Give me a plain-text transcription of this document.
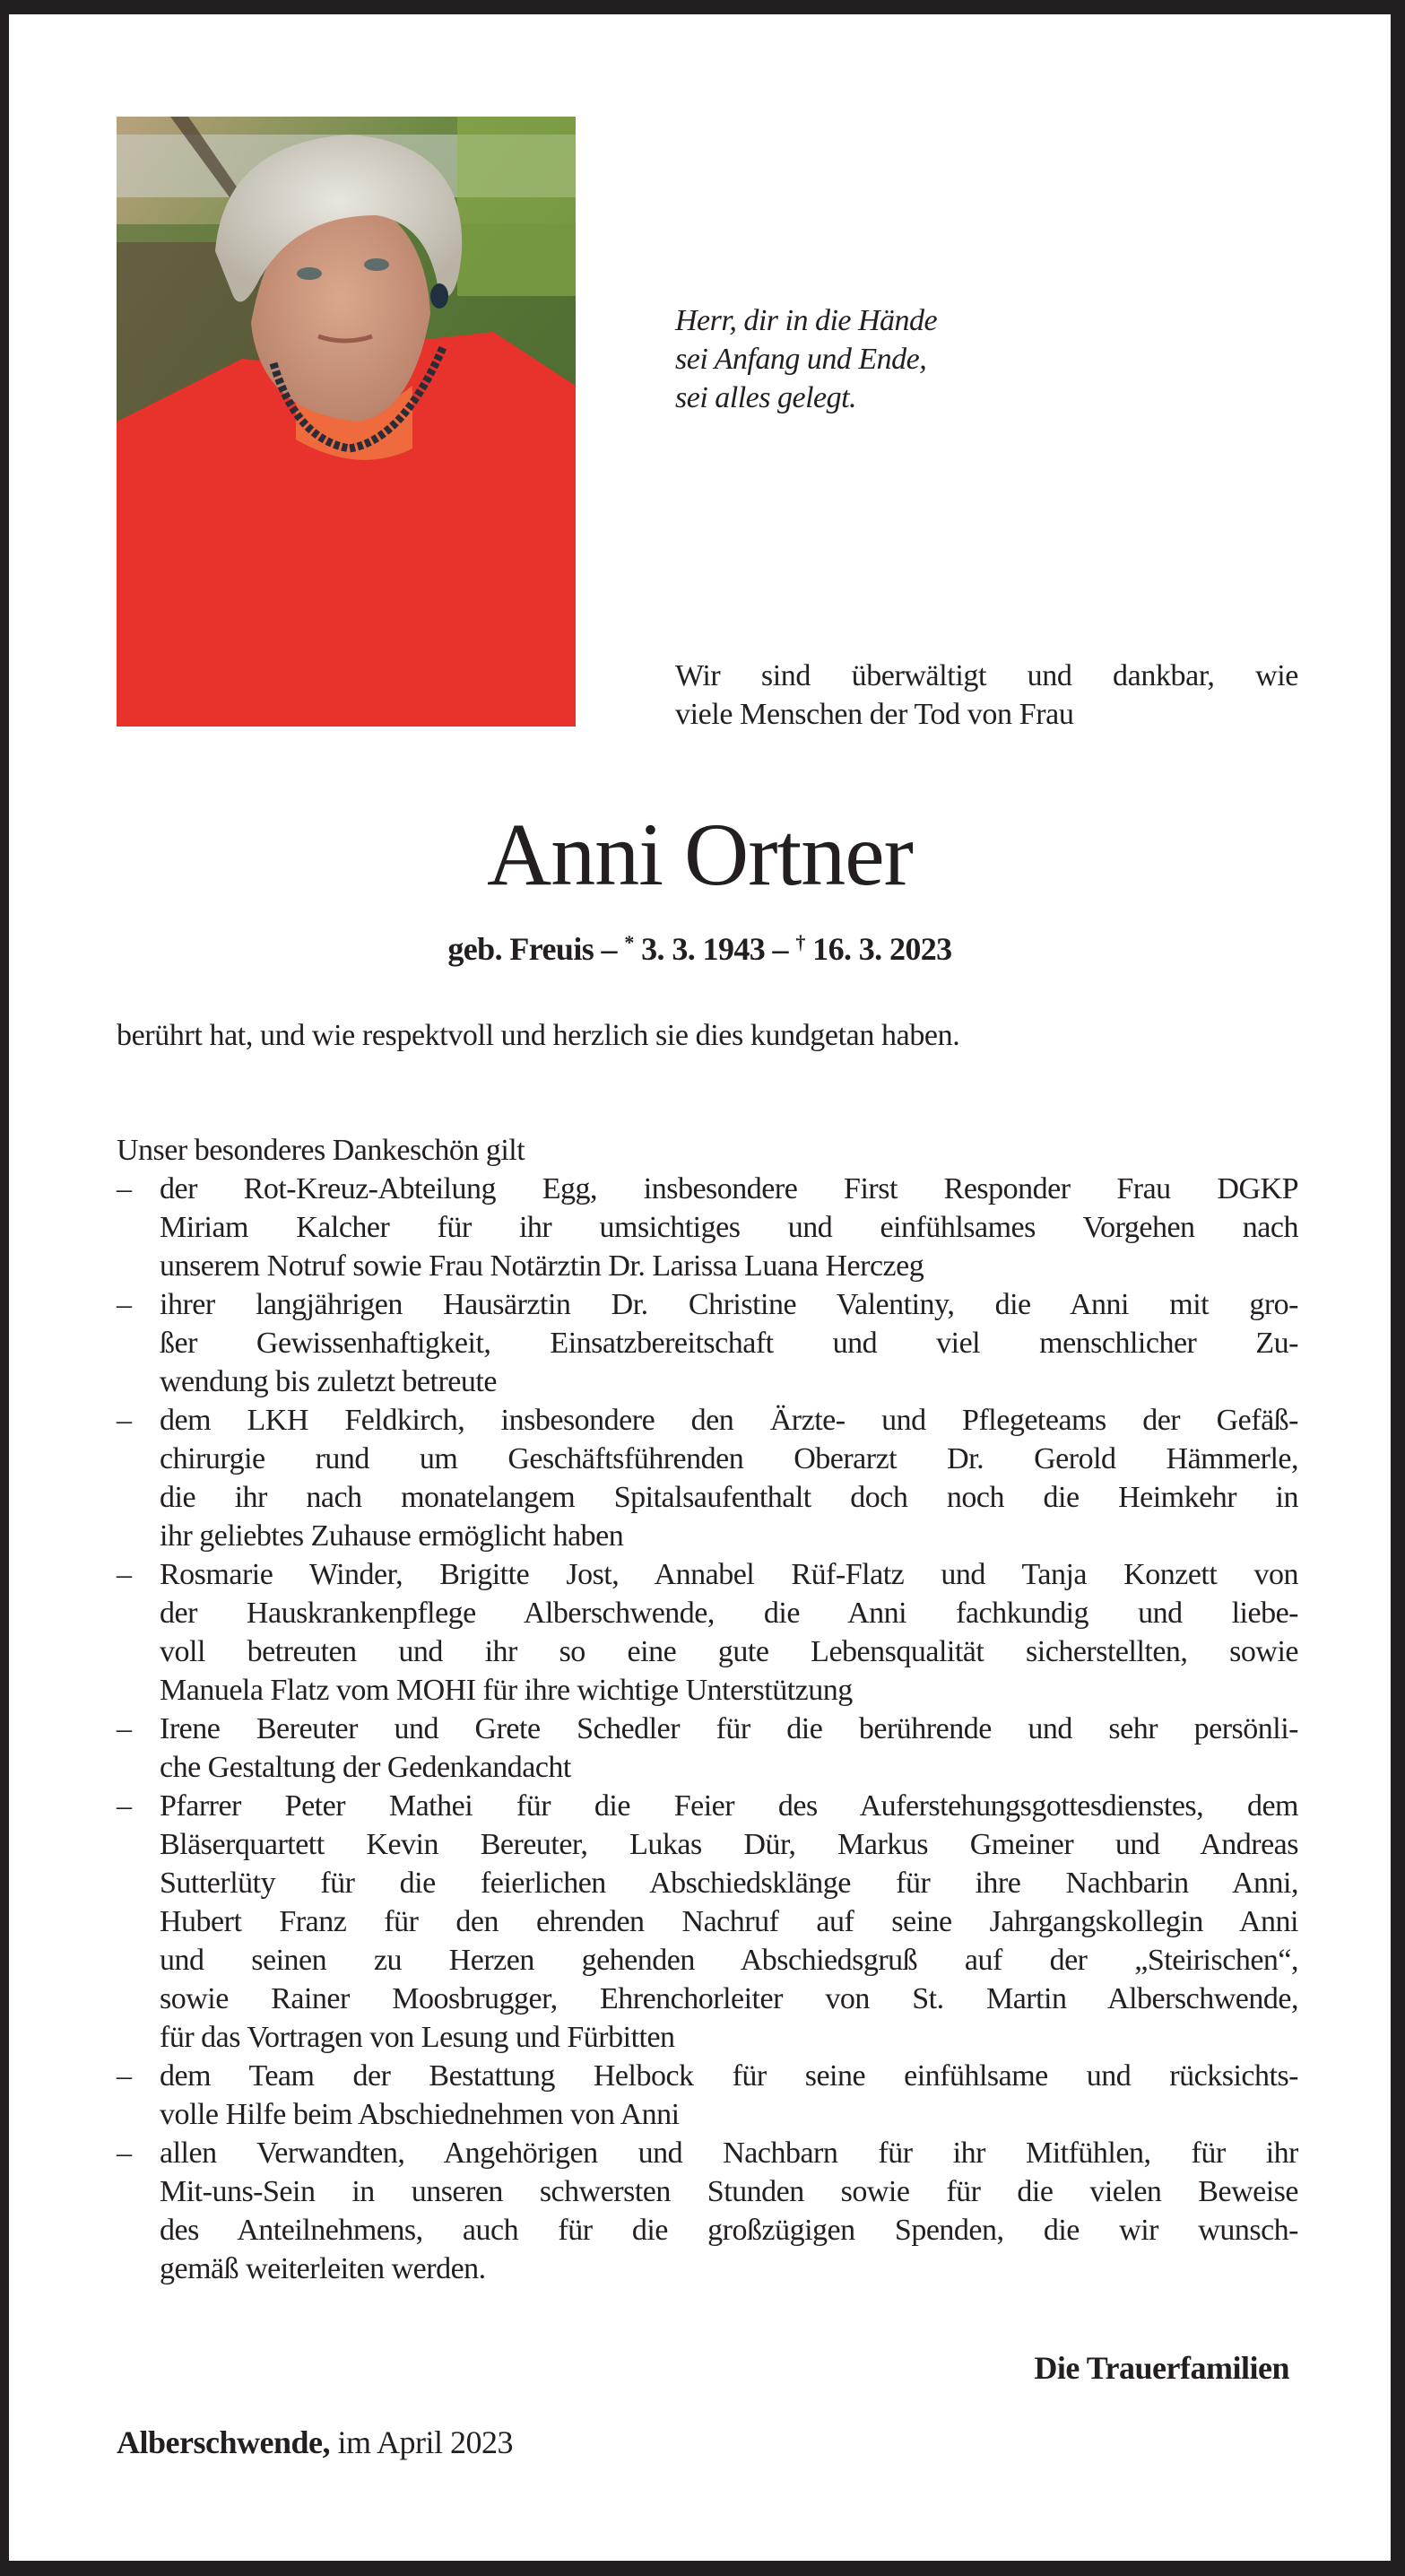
Herr, dir in die Hände
sei Anfang und Ende,
sei alles gelegt.
Wir sind überwältigt und dankbar, wie
viele Menschen der Tod von Frau
Anni Ortner
geb. Freuis – * 3. 3. 1943 – † 16. 3. 2023
berührt hat, und wie respektvoll und herzlich sie dies kundgetan haben.
Unser besonderes Dankeschön gilt
– der Rot-Kreuz-Abteilung Egg, insbesondere First Responder Frau DGKP
Miriam Kalcher für ihr umsichtiges und einfühlsames Vorgehen nach
unserem Notruf sowie Frau Notärztin Dr. Larissa Luana Herczeg
– ihrer langjährigen Hausärztin Dr. Christine Valentiny, die Anni mit gro-
ßer Gewissenhaftigkeit, Einsatzbereitschaft und viel menschlicher Zu-
wendung bis zuletzt betreute
– dem LKH Feldkirch, insbesondere den Ärzte- und Pflegeteams der Gefäß-
chirurgie rund um Geschäftsführenden Oberarzt Dr. Gerold Hämmerle,
die ihr nach monatelangem Spitalsaufenthalt doch noch die Heimkehr in
ihr geliebtes Zuhause ermöglicht haben
– Rosmarie Winder, Brigitte Jost, Annabel Rüf-Flatz und Tanja Konzett von
der Hauskrankenpflege Alberschwende, die Anni fachkundig und liebe-
voll betreuten und ihr so eine gute Lebensqualität sicherstellten, sowie
Manuela Flatz vom MOHI für ihre wichtige Unterstützung
– Irene Bereuter und Grete Schedler für die berührende und sehr persönli-
che Gestaltung der Gedenkandacht
– Pfarrer Peter Mathei für die Feier des Auferstehungsgottesdienstes, dem
Bläserquartett Kevin Bereuter, Lukas Dür, Markus Gmeiner und Andreas
Sutterlüty für die feierlichen Abschiedsklänge für ihre Nachbarin Anni,
Hubert Franz für den ehrenden Nachruf auf seine Jahrgangskollegin Anni
und seinen zu Herzen gehenden Abschiedsgruß auf der „Steirischen“,
sowie Rainer Moosbrugger, Ehrenchorleiter von St. Martin Alberschwende,
für das Vortragen von Lesung und Fürbitten
– dem Team der Bestattung Helbock für seine einfühlsame und rücksichts-
volle Hilfe beim Abschiednehmen von Anni
– allen Verwandten, Angehörigen und Nachbarn für ihr Mitfühlen, für ihr
Mit-uns-Sein in unseren schwersten Stunden sowie für die vielen Beweise
des Anteilnehmens, auch für die großzügigen Spenden, die wir wunsch-
gemäß weiterleiten werden.
Die Trauerfamilien
Alberschwende, im April 2023
